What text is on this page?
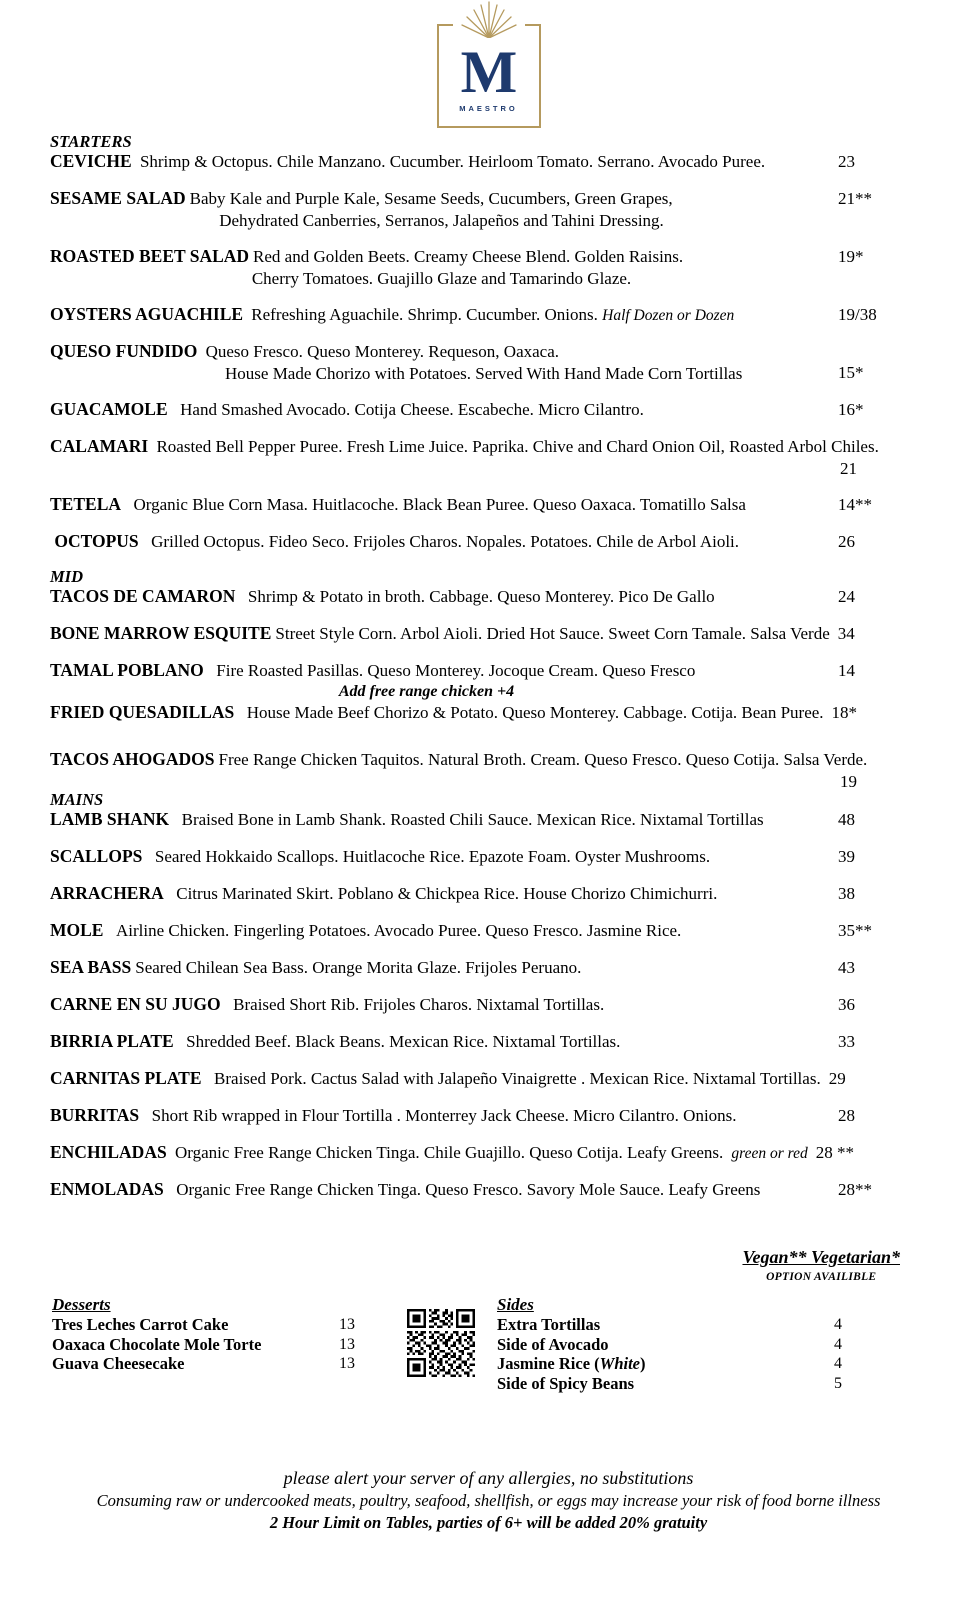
M
MAESTRO
STARTERS
CEVICHE Shrimp & Octopus. Chile Manzano. Cucumber. Heirloom Tomato. Serrano. Avocado Puree.	23
SESAME SALAD Baby Kale and Purple Kale, Sesame Seeds, Cucumbers, Green Grapes,	21**
Dehydrated Canberries, Serranos, Jalapeños and Tahini Dressing.
ROASTED BEET SALAD Red and Golden Beets. Creamy Cheese Blend. Golden Raisins.	19*
Cherry Tomatoes. Guajillo Glaze and Tamarindo Glaze.
OYSTERS AGUACHILE Refreshing Aguachile. Shrimp. Cucumber. Onions. Half Dozen or Dozen	19/38
QUESO FUNDIDO Queso Fresco. Queso Monterey. Requeson, Oaxaca.
House Made Chorizo with Potatoes. Served With Hand Made Corn Tortillas	15*
GUACAMOLE Hand Smashed Avocado. Cotija Cheese. Escabeche. Micro Cilantro.	16*
CALAMARI Roasted Bell Pepper Puree. Fresh Lime Juice. Paprika. Chive and Chard Onion Oil, Roasted Arbol Chiles.
21
TETELA Organic Blue Corn Masa. Huitlacoche. Black Bean Puree. Queso Oaxaca. Tomatillo Salsa	14**
OCTOPUS Grilled Octopus. Fideo Seco. Frijoles Charos. Nopales. Potatoes. Chile de Arbol Aioli.	26
MID
TACOS DE CAMARON Shrimp & Potato in broth. Cabbage. Queso Monterey. Pico De Gallo	24
BONE MARROW ESQUITE Street Style Corn. Arbol Aioli. Dried Hot Sauce. Sweet Corn Tamale. Salsa Verde 34
TAMAL POBLANO Fire Roasted Pasillas. Queso Monterey. Jocoque Cream. Queso Fresco	14
Add free range chicken +4
FRIED QUESADILLAS House Made Beef Chorizo & Potato. Queso Monterey. Cabbage. Cotija. Bean Puree. 18*
TACOS AHOGADOS Free Range Chicken Taquitos. Natural Broth. Cream. Queso Fresco. Queso Cotija. Salsa Verde.
19
MAINS
LAMB SHANK Braised Bone in Lamb Shank. Roasted Chili Sauce. Mexican Rice. Nixtamal Tortillas	48
SCALLOPS Seared Hokkaido Scallops. Huitlacoche Rice. Epazote Foam. Oyster Mushrooms.	39
ARRACHERA Citrus Marinated Skirt. Poblano & Chickpea Rice. House Chorizo Chimichurri.	38
MOLE Airline Chicken. Fingerling Potatoes. Avocado Puree. Queso Fresco. Jasmine Rice.	35**
SEA BASS Seared Chilean Sea Bass. Orange Morita Glaze. Frijoles Peruano.	43
CARNE EN SU JUGO Braised Short Rib. Frijoles Charos. Nixtamal Tortillas.	36
BIRRIA PLATE Shredded Beef. Black Beans. Mexican Rice. Nixtamal Tortillas.	33
CARNITAS PLATE Braised Pork. Cactus Salad with Jalapeño Vinaigrette . Mexican Rice. Nixtamal Tortillas. 29
BURRITAS Short Rib wrapped in Flour Tortilla . Monterrey Jack Cheese. Micro Cilantro. Onions.	28
ENCHILADAS Organic Free Range Chicken Tinga. Chile Guajillo. Queso Cotija. Leafy Greens. green or red 28 **
ENMOLADAS Organic Free Range Chicken Tinga. Queso Fresco. Savory Mole Sauce. Leafy Greens	28**
Vegan** Vegetarian*
OPTION AVAILIBLE
Desserts
Tres Leches Carrot Cake	13
Oaxaca Chocolate Mole Torte	13
Guava Cheesecake	13
Sides
Extra Tortillas	4
Side of Avocado	4
Jasmine Rice (White)	4
Side of Spicy Beans	5
please alert your server of any allergies, no substitutions
Consuming raw or undercooked meats, poultry, seafood, shellfish, or eggs may increase your risk of food borne illness
2 Hour Limit on Tables, parties of 6+ will be added 20% gratuity
